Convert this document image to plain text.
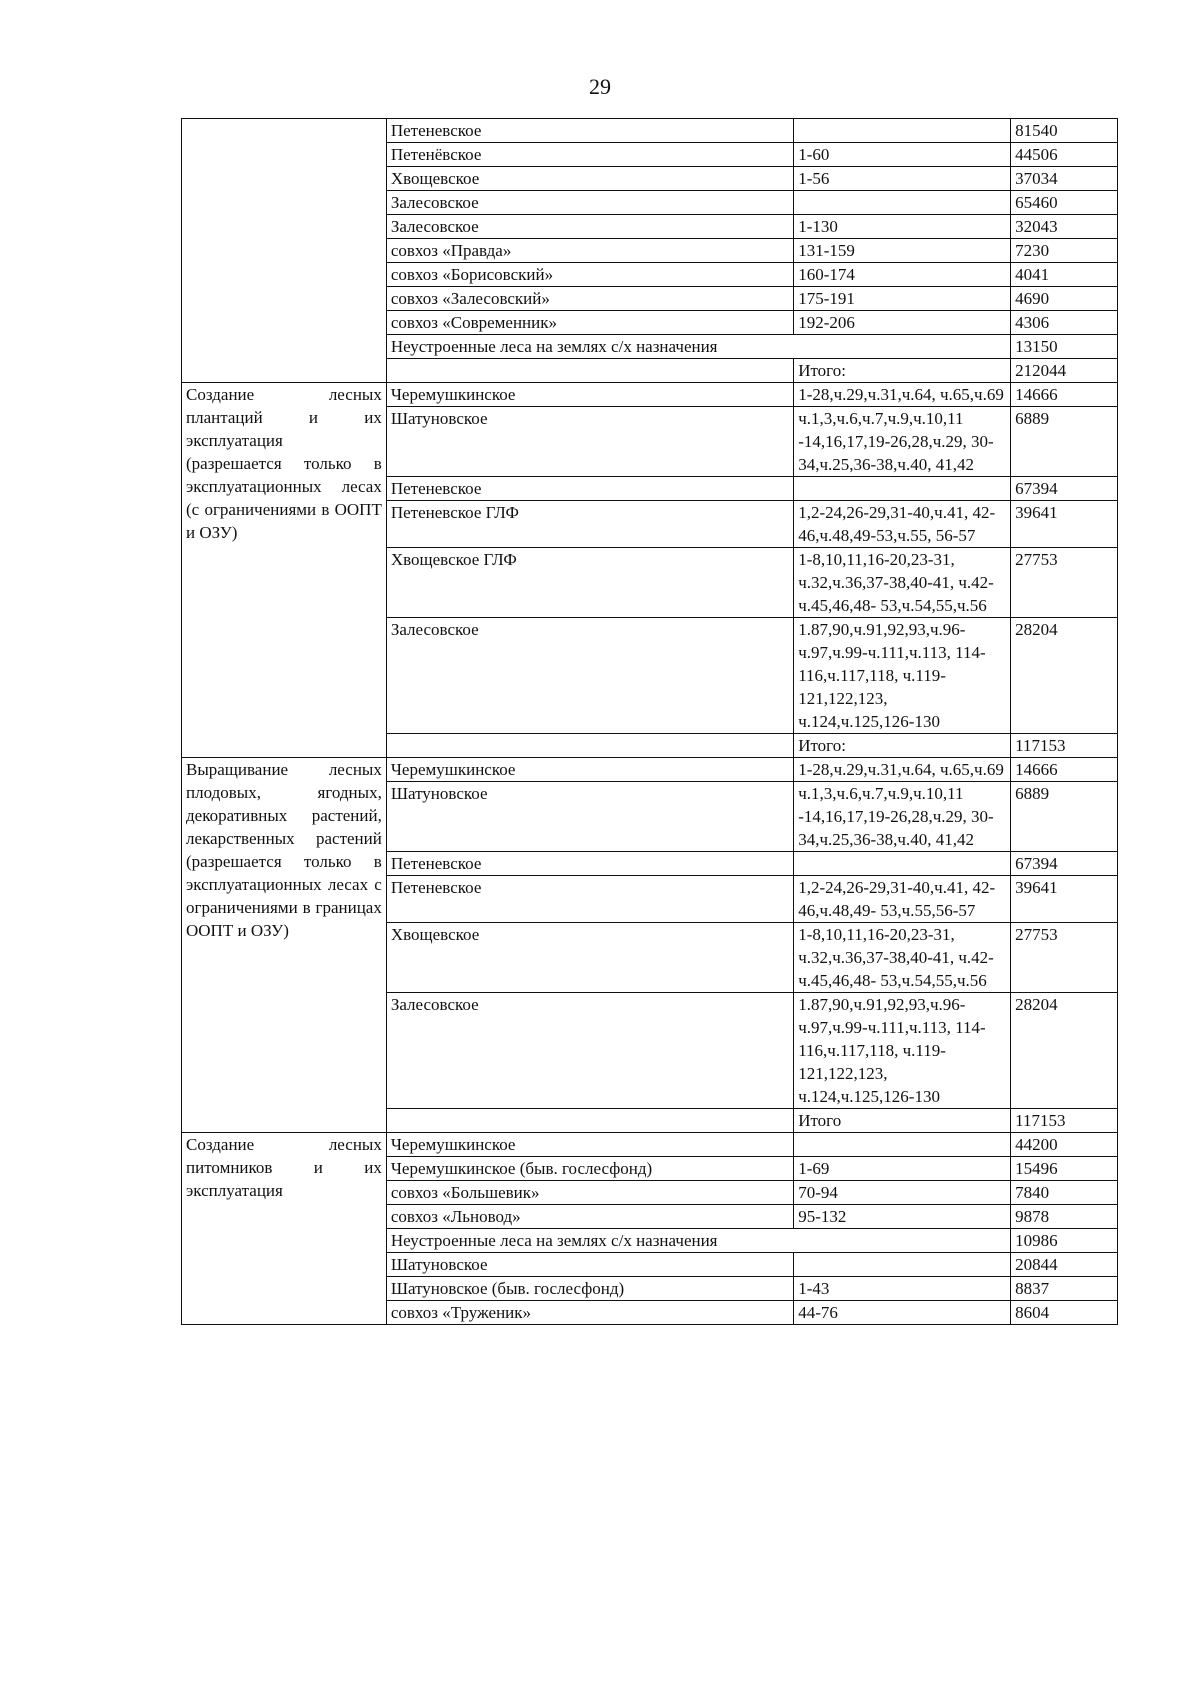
29
	Петеневское		81540
	Петенёвское	1-60	44506
	Хвощевское	1-56	37034
	Залесовское		65460
	Залесовское	1-130	32043
	совхоз «Правда»	131-159	7230
	совхоз «Борисовский»	160-174	4041
	совхоз «Залесовский»	175-191	4690
	совхоз «Современник»	192-206	4306
	Неустроенные леса на землях с/х назначения		13150
		Итого:	212044
Создание лесных плантаций и их эксплуатация (разрешается только в эксплуатационных лесах (с ограничениями в ООПТ и ОЗУ)	Черемушкинское	1-28,ч.29,ч.31,ч.64, ч.65,ч.69	14666
	Шатуновское	ч.1,3,ч.6,ч.7,ч.9,ч.10,11 -14,16,17,19-26,28,ч.29, 30-34,ч.25,36-38,ч.40, 41,42	6889
	Петеневское		67394
	Петеневское ГЛФ	1,2-24,26-29,31-40,ч.41, 42-46,ч.48,49-53,ч.55, 56-57	39641
	Хвощевское ГЛФ	1-8,10,11,16-20,23-31, ч.32,ч.36,37-38,40-41, ч.42-ч.45,46,48- 53,ч.54,55,ч.56	27753
	Залесовское	1.87,90,ч.91,92,93,ч.96- ч.97,ч.99-ч.111,ч.113, 114-116,ч.117,118, ч.119-121,122,123, ч.124,ч.125,126-130	28204
		Итого:	117153
Выращивание лесных плодовых, ягодных, декоративных растений, лекарственных растений (разрешается только в эксплуатационных лесах с ограничениями в границах ООПТ и ОЗУ)	Черемушкинское	1-28,ч.29,ч.31,ч.64, ч.65,ч.69	14666
	Шатуновское	ч.1,3,ч.6,ч.7,ч.9,ч.10,11 -14,16,17,19-26,28,ч.29, 30-34,ч.25,36-38,ч.40, 41,42	6889
	Петеневское		67394
	Петеневское	1,2-24,26-29,31-40,ч.41, 42-46,ч.48,49- 53,ч.55,56-57	39641
	Хвощевское	1-8,10,11,16-20,23-31, ч.32,ч.36,37-38,40-41, ч.42-ч.45,46,48- 53,ч.54,55,ч.56	27753
	Залесовское	1.87,90,ч.91,92,93,ч.96- ч.97,ч.99-ч.111,ч.113, 114-116,ч.117,118, ч.119-121,122,123, ч.124,ч.125,126-130	28204
		Итого	117153
Создание лесных питомников и их эксплуатация	Черемушкинское		44200
	Черемушкинское (быв. гослесфонд)	1-69	15496
	совхоз «Большевик»	70-94	7840
	совхоз «Льновод»	95-132	9878
	Неустроенные леса на землях с/х назначения		10986
	Шатуновское		20844
	Шатуновское (быв. гослесфонд)	1-43	8837
	совхоз «Труженик»	44-76	8604
